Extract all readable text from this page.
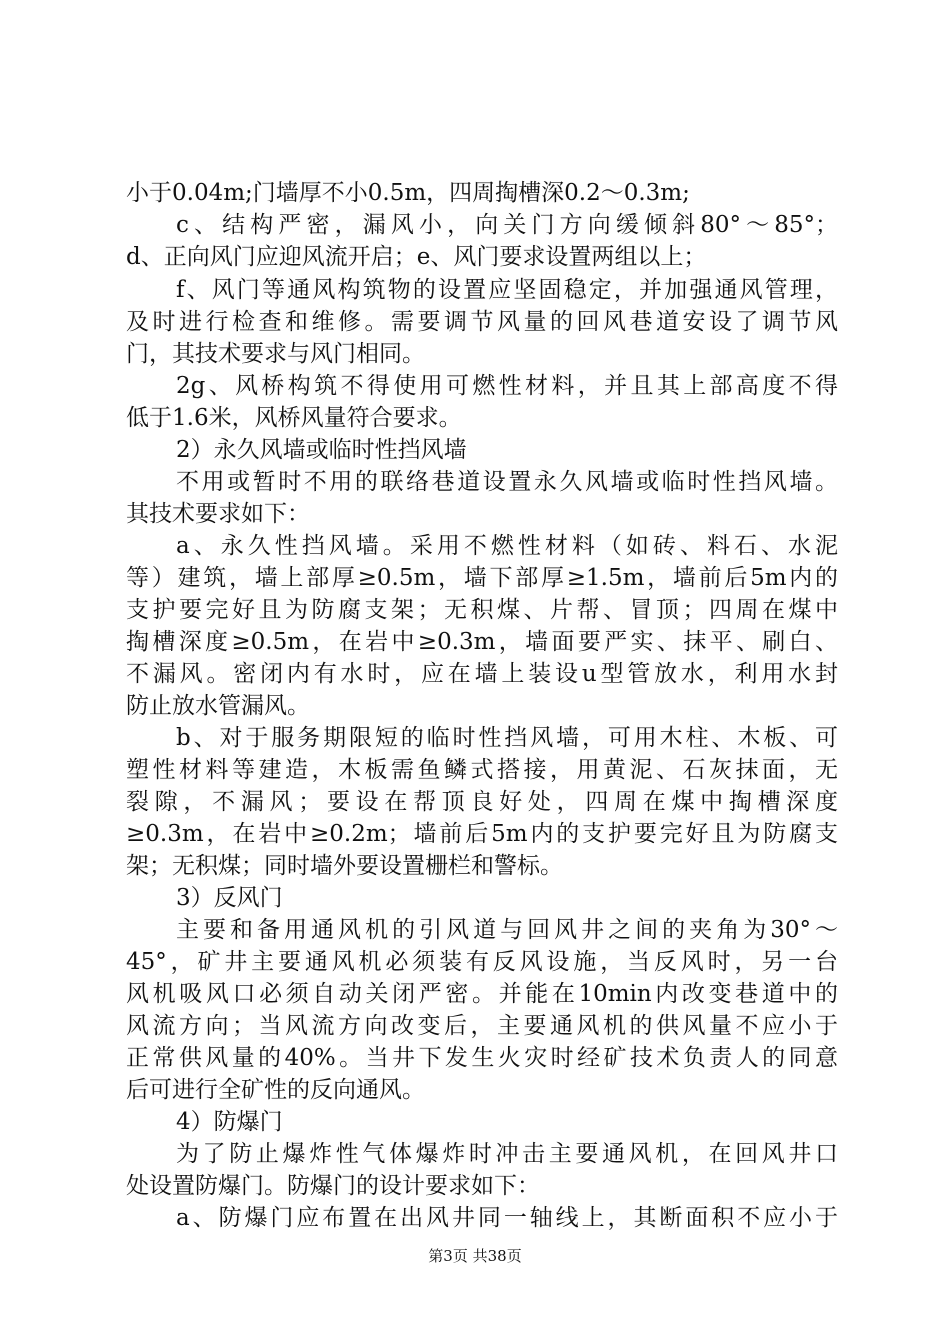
小于0.04m;门墙厚不小0.5m，四周掏槽深0.2～0.3m;
c、结构严密，漏风小，向关门方向缓倾斜80°～85°；
d、正向风门应迎风流开启；e、风门要求设置两组以上；
f、风门等通风构筑物的设置应坚固稳定，并加强通风管理，
及时进行检查和维修。需要调节风量的回风巷道安设了调节风
门，其技术要求与风门相同。
2g、风桥构筑不得使用可燃性材料，并且其上部高度不得
低于1.6米，风桥风量符合要求。
2）永久风墙或临时性挡风墙
不用或暂时不用的联络巷道设置永久风墙或临时性挡风墙。
其技术要求如下：
a、永久性挡风墙。采用不燃性材料（如砖、料石、水泥
等）建筑，墙上部厚≥0.5m，墙下部厚≥1.5m，墙前后5m内的
支护要完好且为防腐支架；无积煤、片帮、冒顶；四周在煤中
掏槽深度≥0.5m，在岩中≥0.3m，墙面要严实、抹平、刷白、
不漏风。密闭内有水时，应在墙上装设u型管放水，利用水封
防止放水管漏风。
b、对于服务期限短的临时性挡风墙，可用木柱、木板、可
塑性材料等建造，木板需鱼鳞式搭接，用黄泥、石灰抹面，无
裂隙，不漏风；要设在帮顶良好处，四周在煤中掏槽深度
≥0.3m，在岩中≥0.2m；墙前后5m内的支护要完好且为防腐支
架；无积煤；同时墙外要设置栅栏和警标。
3）反风门
主要和备用通风机的引风道与回风井之间的夹角为30°～
45°，矿井主要通风机必须装有反风设施，当反风时，另一台
风机吸风口必须自动关闭严密。并能在10min内改变巷道中的
风流方向；当风流方向改变后，主要通风机的供风量不应小于
正常供风量的40%。当井下发生火灾时经矿技术负责人的同意
后可进行全矿性的反向通风。
4）防爆门
为了防止爆炸性气体爆炸时冲击主要通风机，在回风井口
处设置防爆门。防爆门的设计要求如下：
a、防爆门应布置在出风井同一轴线上，其断面积不应小于
第3页 共38页
